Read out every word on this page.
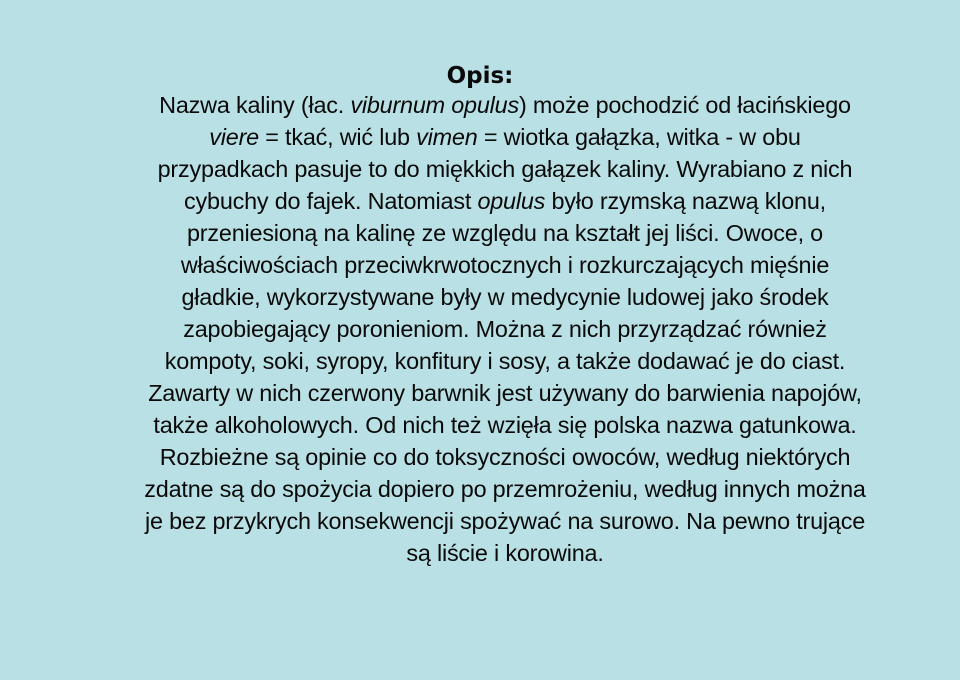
Opis:
Nazwa kaliny (łac. viburnum opulus) może pochodzić od łacińskiego
viere = tkać, wić lub vimen = wiotka gałązka, witka - w obu
przypadkach pasuje to do miękkich gałązek kaliny. Wyrabiano z nich
cybuchy do fajek. Natomiast opulus było rzymską nazwą klonu,
przeniesioną na kalinę ze względu na kształt jej liści. Owoce, o
właściwościach przeciwkrwotocznych i rozkurczających mięśnie
gładkie, wykorzystywane były w medycynie ludowej jako środek
zapobiegający poronieniom. Można z nich przyrządzać również
kompoty, soki, syropy, konfitury i sosy, a także dodawać je do ciast.
Zawarty w nich czerwony barwnik jest używany do barwienia napojów,
także alkoholowych. Od nich też wzięła się polska nazwa gatunkowa.
Rozbieżne są opinie co do toksyczności owoców, według niektórych
zdatne są do spożycia dopiero po przemrożeniu, według innych można
je bez przykrych konsekwencji spożywać na surowo. Na pewno trujące
są liście i korowina.
